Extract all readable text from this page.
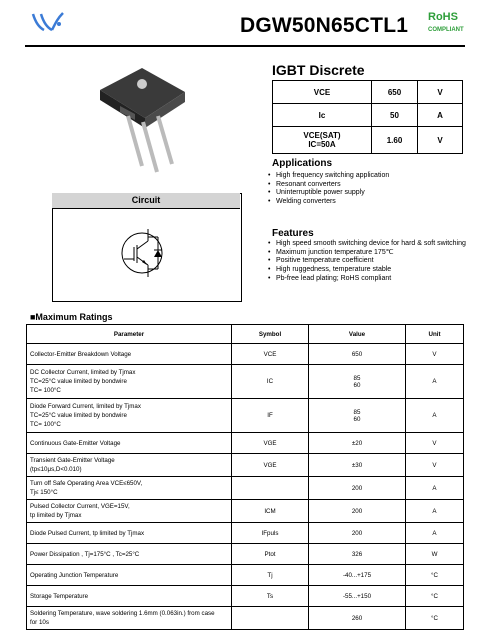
DGW50N65CTL1 RoHS
COMPLIANT
IGBT Discrete
VCE	650	V
Ic	50	A
VCE(SAT)
IC=50A	1.60	V
Applications
• High frequency switching application
• Resonant converters
• Uninterruptible power supply
• Welding converters
Features
• High speed smooth switching device for hard & soft switching
• Maximum junction temperature 175℃
• Positive temperature coefficient
• High ruggedness, temperature stable
• Pb-free lead plating; RoHS compliant
Circuit
■Maximum Ratings
Parameter	Symbol	Value	Unit

Collector-Emitter Breakdown Voltage	VCE	650	V

DC Collector Current, limited by Tjmax
TC=25°C value limited by bondwire
TC= 100°C	IC	85
60	A

Diode Forward Current, limited by Tjmax
TC=25°C value limited by bondwire
TC= 100°C	IF	85
60	A

Continuous Gate-Emitter Voltage	VGE	±20	V

Transient Gate-Emitter Voltage
(tp≤10μs,D<0.010)	VGE	±30	V

Turn off Safe Operating Area VCE≤650V,
Tj≤ 150°C		200	A

Pulsed Collector Current, VGE=15V,
tp limited by Tjmax	ICM	200	A

Diode Pulsed Current, tp limited by Tjmax	IFpuls	200	A

Power Dissipation , Tj=175°C , Tc=25°C	Ptot	326	W

Operating Junction Temperature	Tj	-40...+175	°C

Storage Temperature	Ts	-55...+150	°C

Soldering Temperature, wave soldering 1.6mm (0.063in.) from case
for 10s		260	°C
